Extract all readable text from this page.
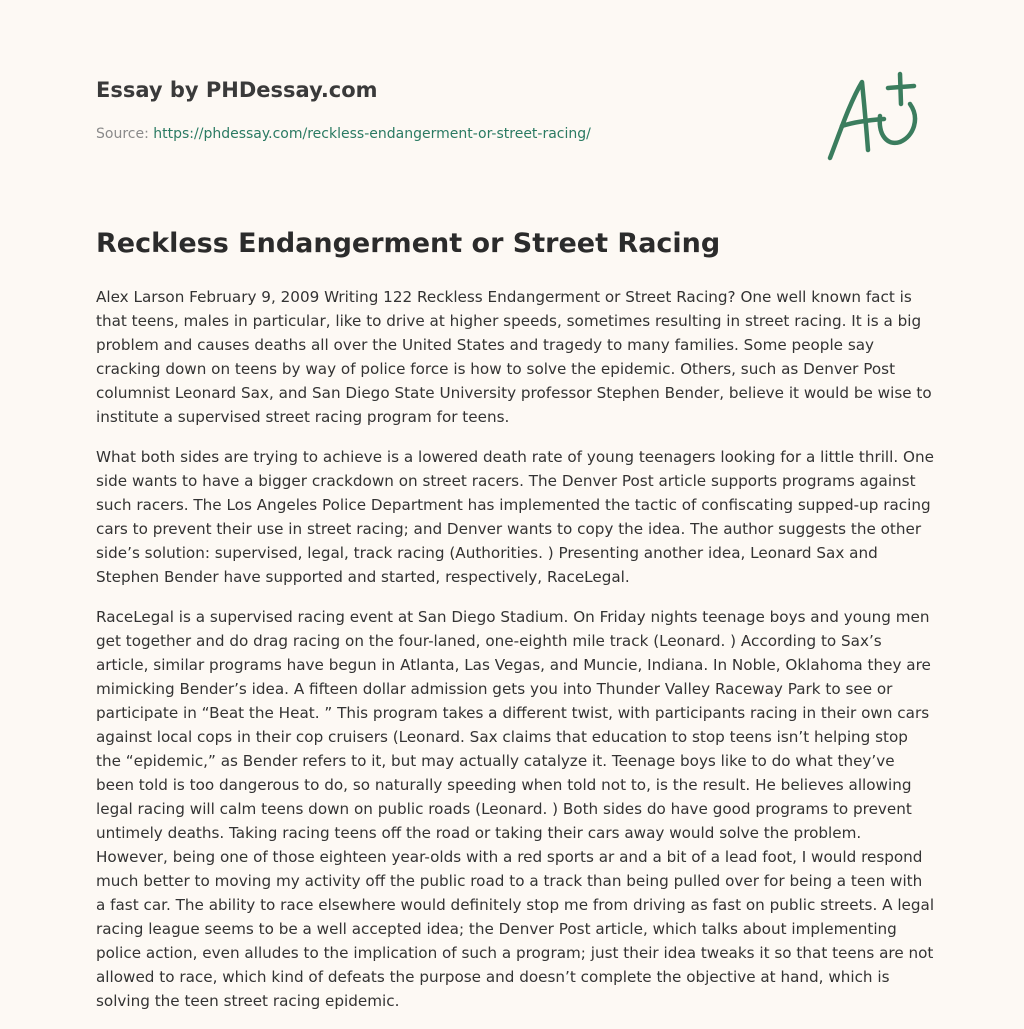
Essay by PHDessay.com
Source: https://phdessay.com/reckless-endangerment-or-street-racing/
Reckless Endangerment or Street Racing

Alex Larson February 9, 2009 Writing 122 Reckless Endangerment or Street Racing? One well known fact is that teens, males in particular, like to drive at higher speeds, sometimes resulting in street racing. It is a big problem and causes deaths all over the United States and tragedy to many families. Some people say cracking down on teens by way of police force is how to solve the epidemic. Others, such as Denver Post columnist Leonard Sax, and San Diego State University professor Stephen Bender, believe it would be wise to institute a supervised street racing program for teens.

What both sides are trying to achieve is a lowered death rate of young teenagers looking for a little thrill. One side wants to have a bigger crackdown on street racers. The Denver Post article supports programs against such racers. The Los Angeles Police Department has implemented the tactic of confiscating supped-up racing cars to prevent their use in street racing; and Denver wants to copy the idea. The author suggests the other side’s solution: supervised, legal, track racing (Authorities. ) Presenting another idea, Leonard Sax and Stephen Bender have supported and started, respectively, RaceLegal.

RaceLegal is a supervised racing event at San Diego Stadium. On Friday nights teenage boys and young men get together and do drag racing on the four-laned, one-eighth mile track (Leonard. ) According to Sax’s article, similar programs have begun in Atlanta, Las Vegas, and Muncie, Indiana. In Noble, Oklahoma they are mimicking Bender’s idea. A fifteen dollar admission gets you into Thunder Valley Raceway Park to see or participate in “Beat the Heat. ” This program takes a different twist, with participants racing in their own cars against local cops in their cop cruisers (Leonard. Sax claims that education to stop teens isn’t helping stop the “epidemic,” as Bender refers to it, but may actually catalyze it. Teenage boys like to do what they’ve been told is too dangerous to do, so naturally speeding when told not to, is the result. He believes allowing legal racing will calm teens down on public roads (Leonard. ) Both sides do have good programs to prevent untimely deaths. Taking racing teens off the road or taking their cars away would solve the problem. However, being one of those eighteen year-olds with a red sports ar and a bit of a lead foot, I would respond much better to moving my activity off the public road to a track than being pulled over for being a teen with a fast car. The ability to race elsewhere would definitely stop me from driving as fast on public streets. A legal racing league seems to be a well accepted idea; the Denver Post article, which talks about implementing police action, even alludes to the implication of such a program; just their idea tweaks it so that teens are not allowed to race, which kind of defeats the purpose and doesn’t complete the objective at hand, which is solving the teen street racing epidemic.
